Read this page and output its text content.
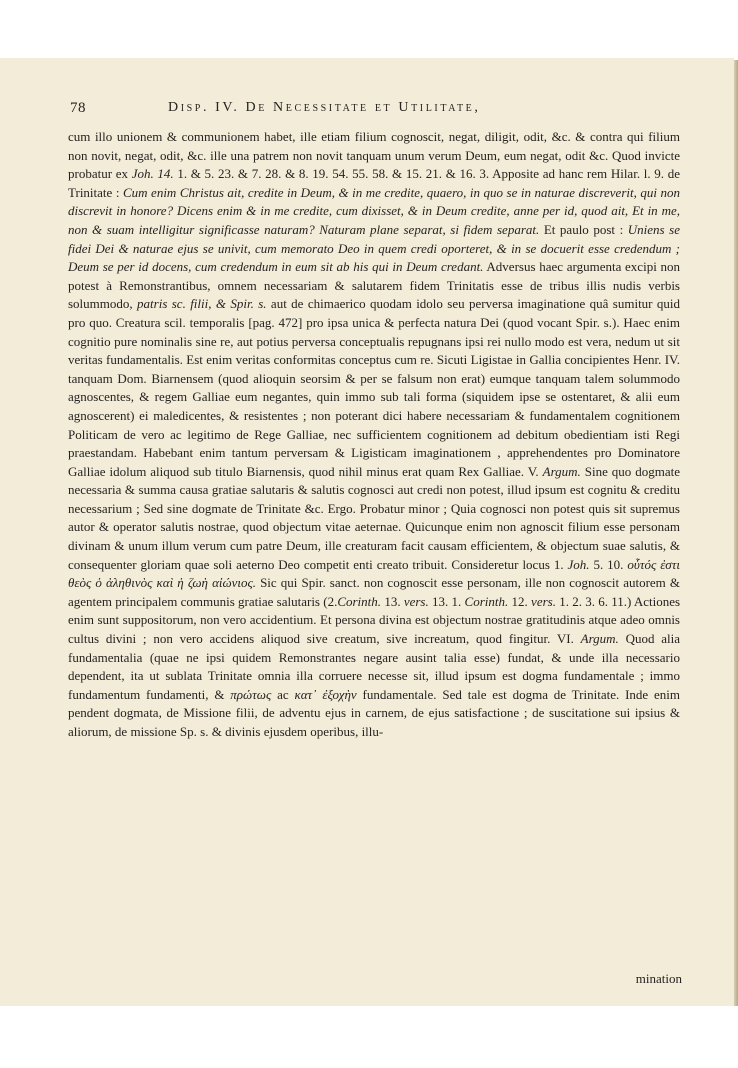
78	Disp. IV. De Necessitate et Utilitate,

cum illo unionem & communionem habet, ille etiam filium cognoscit, negat, diligit, odit, &c. & contra qui filium non novit, negat, odit, &c. ille una patrem non novit tanquam unum verum Deum, eum negat, odit &c. Quod invicte probatur ex Joh. 14. 1. & 5. 23. & 7. 28. & 8. 19. 54. 55. 58. & 15. 21. & 16. 3. Apposite ad hanc rem Hilar. l. 9. de Trinitate : Cum enim Christus ait, credite in Deum, & in me credite, quaero, in quo se in naturae discreverit, qui non discrevit in honore? Dicens enim & in me credite, cum dixisset, & in Deum credite, anne per id, quod ait, Et in me, non & suam intelligitur significasse naturam? Naturam plane separat, si fidem separat. Et paulo post : Uniens se fidei Dei & naturae ejus se univit, cum memorato Deo in quem credi oporteret, & in se docuerit esse credendum ; Deum se per id docens, cum credendum in eum sit ab his qui in Deum credant. Adversus haec argumenta excipi non potest à Remonstrantibus, omnem necessariam & salutarem fidem Trinitatis esse de tribus illis nudis verbis solummodo, patris sc. filii, & Spir. s. aut de chimaerico quodam idolo seu perversa imaginatione quâ sumitur quid pro quo. Creatura scil. temporalis [pag. 472] pro ipsa unica & perfecta natura Dei (quod vocant Spir. s.). Haec enim cognitio pure nominalis sine re, aut potius perversa conceptualis repugnans ipsi rei nullo modo est vera, nedum ut sit veritas fundamentalis. Est enim veritas conformitas conceptus cum re. Sicuti Ligistae in Gallia concipientes Henr. IV. tanquam Dom. Biarnensem (quod alioquin seorsim & per se falsum non erat) eumque tanquam talem solummodo agnoscentes, & regem Galliae eum negantes, quin immo sub tali forma (siquidem ipse se ostentaret, & alii eum agnoscerent) ei maledicentes, & resistentes ; non poterant dici habere necessariam & fundamentalem cognitionem Politicam de vero ac legitimo de Rege Galliae, nec sufficientem cognitionem ad debitum obedientiam isti Regi praestandam. Habebant enim tantum perversam & Ligisticam imaginationem , apprehendentes pro Dominatore Galliae idolum aliquod sub titulo Biarnensis, quod nihil minus erat quam Rex Galliae. V. Argum. Sine quo dogmate necessaria & summa causa gratiae salutaris & salutis cognosci aut credi non potest, illud ipsum est cognitu & creditu necessarium ; Sed sine dogmate de Trinitate &c. Ergo. Probatur minor ; Quia cognosci non potest quis sit supremus autor & operator salutis nostrae, quod objectum vitae aeternae. Quicunque enim non agnoscit filium esse personam divinam & unum illum verum cum patre Deum, ille creaturam facit causam efficientem, & objectum suae salutis, & consequenter gloriam quae soli aeterno Deo competit enti creato tribuit. Consideretur locus 1. Joh. 5. 10. οὗτός ἐστι θεὸς ὁ ἀληθινὸς καὶ ἡ ζωὴ αἰώνιος. Sic qui Spir. sanct. non cognoscit esse personam, ille non cognoscit autorem & agentem principalem communis gratiae salutaris (2.Corinth. 13. vers. 13. 1. Corinth. 12. vers. 1. 2. 3. 6. 11.) Actiones enim sunt suppositorum, non vero accidentium. Et persona divina est objectum nostrae gratitudinis atque adeo omnis cultus divini ; non vero accidens aliquod sive creatum, sive increatum, quod fingitur. VI. Argum. Quod alia fundamentalia (quae ne ipsi quidem Remonstrantes negare ausint talia esse) fundat, & unde illa necessario dependent, ita ut sublata Trinitate omnia illa corruere necesse sit, illud ipsum est dogma fundamentale ; immo fundamentum fundamenti, & πρώτως ac κατ᾽ ἐξοχὴν fundamentale. Sed tale est dogma de Trinitate. Inde enim pendent dogmata, de Missione filii, de adventu ejus in carnem, de ejus satisfactione ; de suscitatione sui ipsius & aliorum, de missione Sp. s. & divinis ejusdem operibus, illu-

mination
